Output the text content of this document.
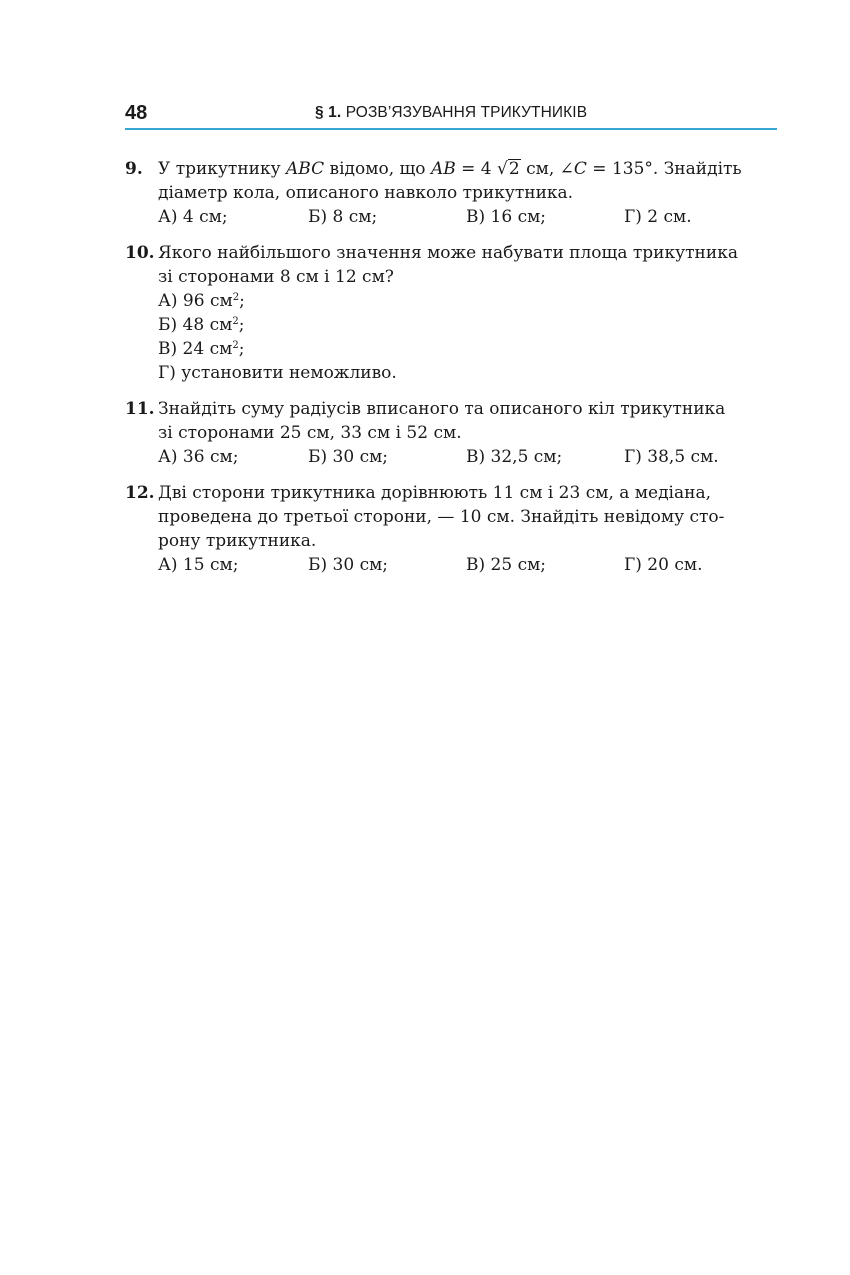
48	§ 1. РОЗВ’ЯЗУВАННЯ ТРИКУТНИКІВ
9. У трикутнику ABC відомо, що AB = 4 √2 см, ∠C = 135°. Знайдіть
діаметр кола, описаного навколо трикутника.
А) 4 см;	Б) 8 см;	В) 16 см;	Г) 2 см.
10. Якого найбільшого значення може набувати площа трикутника
зі сторонами 8 см і 12 см?
А) 96 $см^2$;
Б) 48 $см^2$;
В) 24 $см^2$;
Г) установити неможливо.
11. Знайдіть суму радіусів вписаного та описаного кіл трикутника
зі сторонами 25 см, 33 см і 52 см.
А) 36 см;	Б) 30 см;	В) 32,5 см;	Г) 38,5 см.
12. Дві сторони трикутника дорівнюють 11 см і 23 см, а медіана,
проведена до третьої сторони, — 10 см. Знайдіть невідому сто-
рону трикутника.
А) 15 см;	Б) 30 см;	В) 25 см;	Г) 20 см.
